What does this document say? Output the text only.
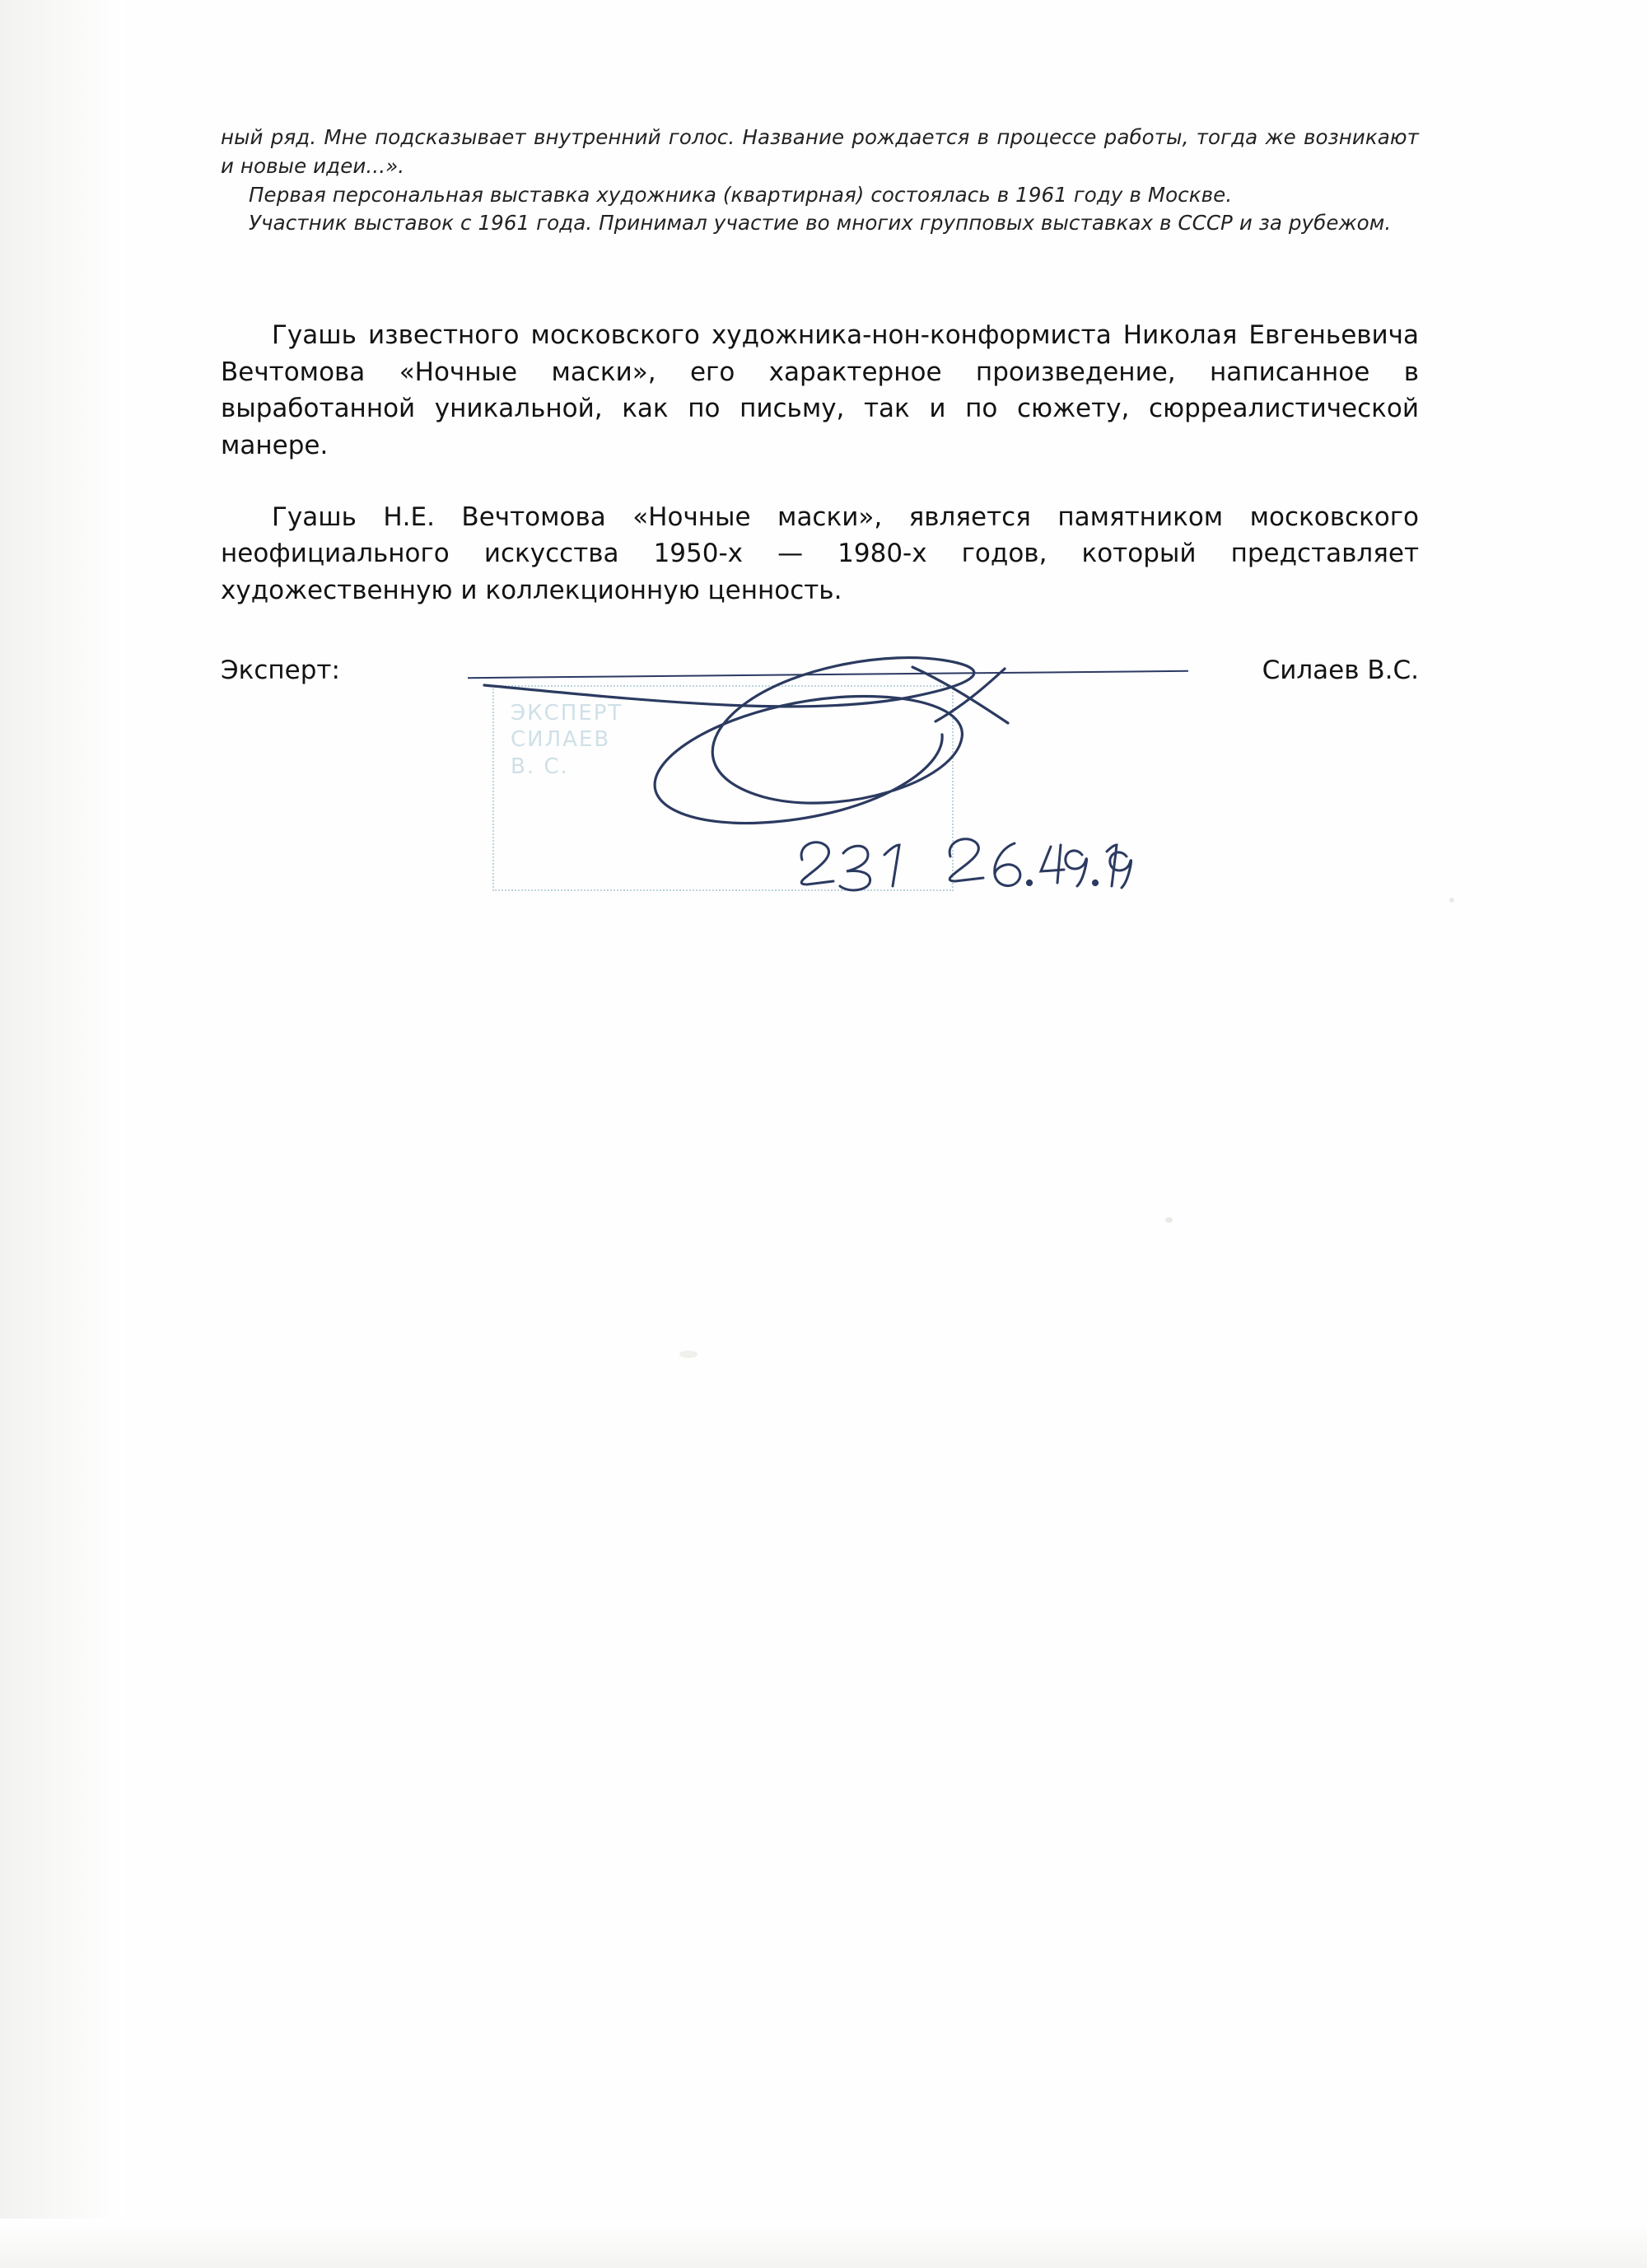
ный ряд. Мне подсказывает внутренний голос. Название рождается в процессе работы, тогда же возникают и новые идеи...».

Первая персональная выставка художника (квартирная) состоялась в 1961 году в Москве.

Участник выставок с 1961 года. Принимал участие во многих групповых выставках в СССР и за рубежом.

Гуашь известного московского художника-нон-конформиста Николая Евгеньевича Вечтомова «Ночные маски», его характерное произведение, написанное в выработанной уникальной, как по письму, так и по сюжету, сюрреалистической манере.

Гуашь Н.Е. Вечтомова «Ночные маски», является памятником московского неофициального искусства 1950-х — 1980-х годов, который представляет художественную и коллекционную ценность.

Эксперт:
ЭКСПЕРТ
СИЛАЕВ
В. С.
Силаев В.С.
